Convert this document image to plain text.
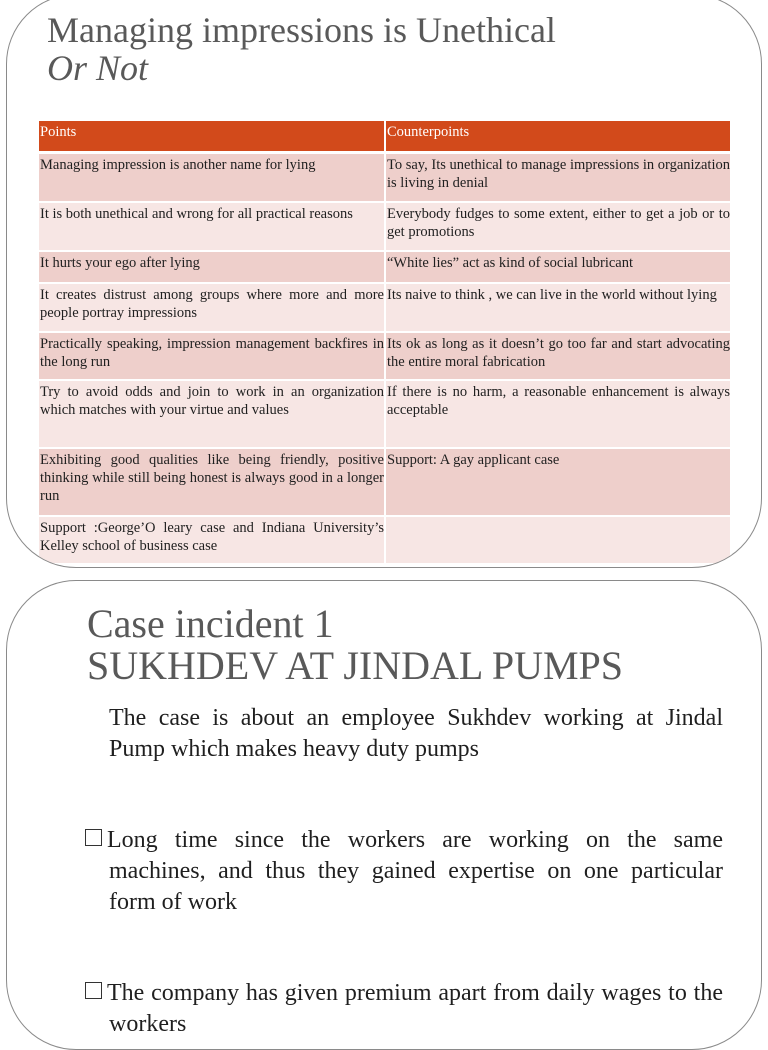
Managing impressions is Unethical
Or Not
Points	Counterpoints
Managing impression is another name for lying	To say, Its unethical to manage impressions in organization is living in denial
It is both unethical and wrong for all practical reasons	Everybody fudges to some extent, either to get a job or to get promotions
It hurts your ego after lying	“White lies” act as kind of social lubricant
It creates distrust among groups where more and more people portray impressions	Its naive to think , we can live in the world without lying
Practically speaking, impression management backfires in the long run	Its ok as long as it doesn’t go too far and start advocating the entire moral fabrication
Try to avoid odds and join to work in an organization which matches with your virtue and values	If there is no harm, a reasonable enhancement is always acceptable
Exhibiting good qualities like being friendly, positive thinking while still being honest is always good in a longer run	Support: A gay applicant case
Support :George’O leary case and Indiana University’s Kelley school of business case	
Case incident 1
SUKHDEV AT JINDAL PUMPS

The case is about an employee Sukhdev working at Jindal Pump which makes heavy duty pumps

Long time since the workers are working on the same machines, and thus they gained expertise on one particular form of work

The company has given premium apart from daily wages to the workers
